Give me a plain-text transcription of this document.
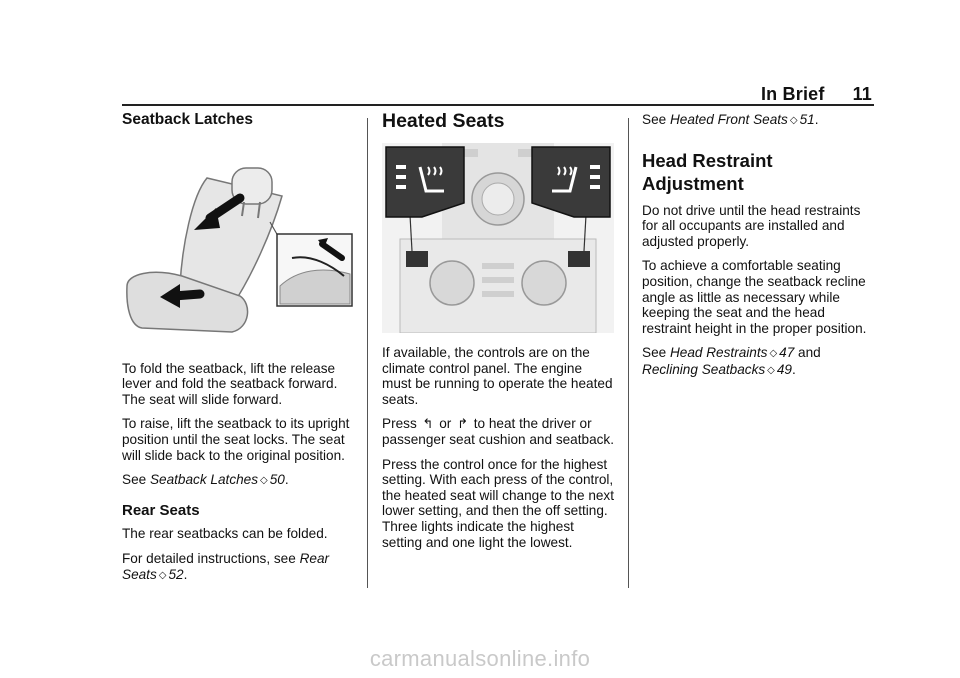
In Brief 11
Seatback Latches

To fold the seatback, lift the release lever and fold the seatback forward. The seat will slide forward.

To raise, lift the seatback to its upright position until the seat locks. The seat will slide back to the original position.

See Seatback Latches ◇ 50.

Rear Seats

The rear seatbacks can be folded.

For detailed instructions, see Rear Seats ◇ 52.

Heated Seats

If available, the controls are on the climate control panel. The engine must be running to operate the heated seats.

Press ↰ or ↱ to heat the driver or passenger seat cushion and seatback.

Press the control once for the highest setting. With each press of the control, the heated seat will change to the next lower setting, and then the off setting. Three lights indicate the highest setting and one light the lowest.

See Heated Front Seats ◇ 51.

Head Restraint
Adjustment

Do not drive until the head restraints for all occupants are installed and adjusted properly.

To achieve a comfortable seating position, change the seatback recline angle as little as necessary while keeping the seat and the head restraint height in the proper position.

See Head Restraints ◇ 47 and
Reclining Seatbacks ◇ 49.

carmanualsonline.info
